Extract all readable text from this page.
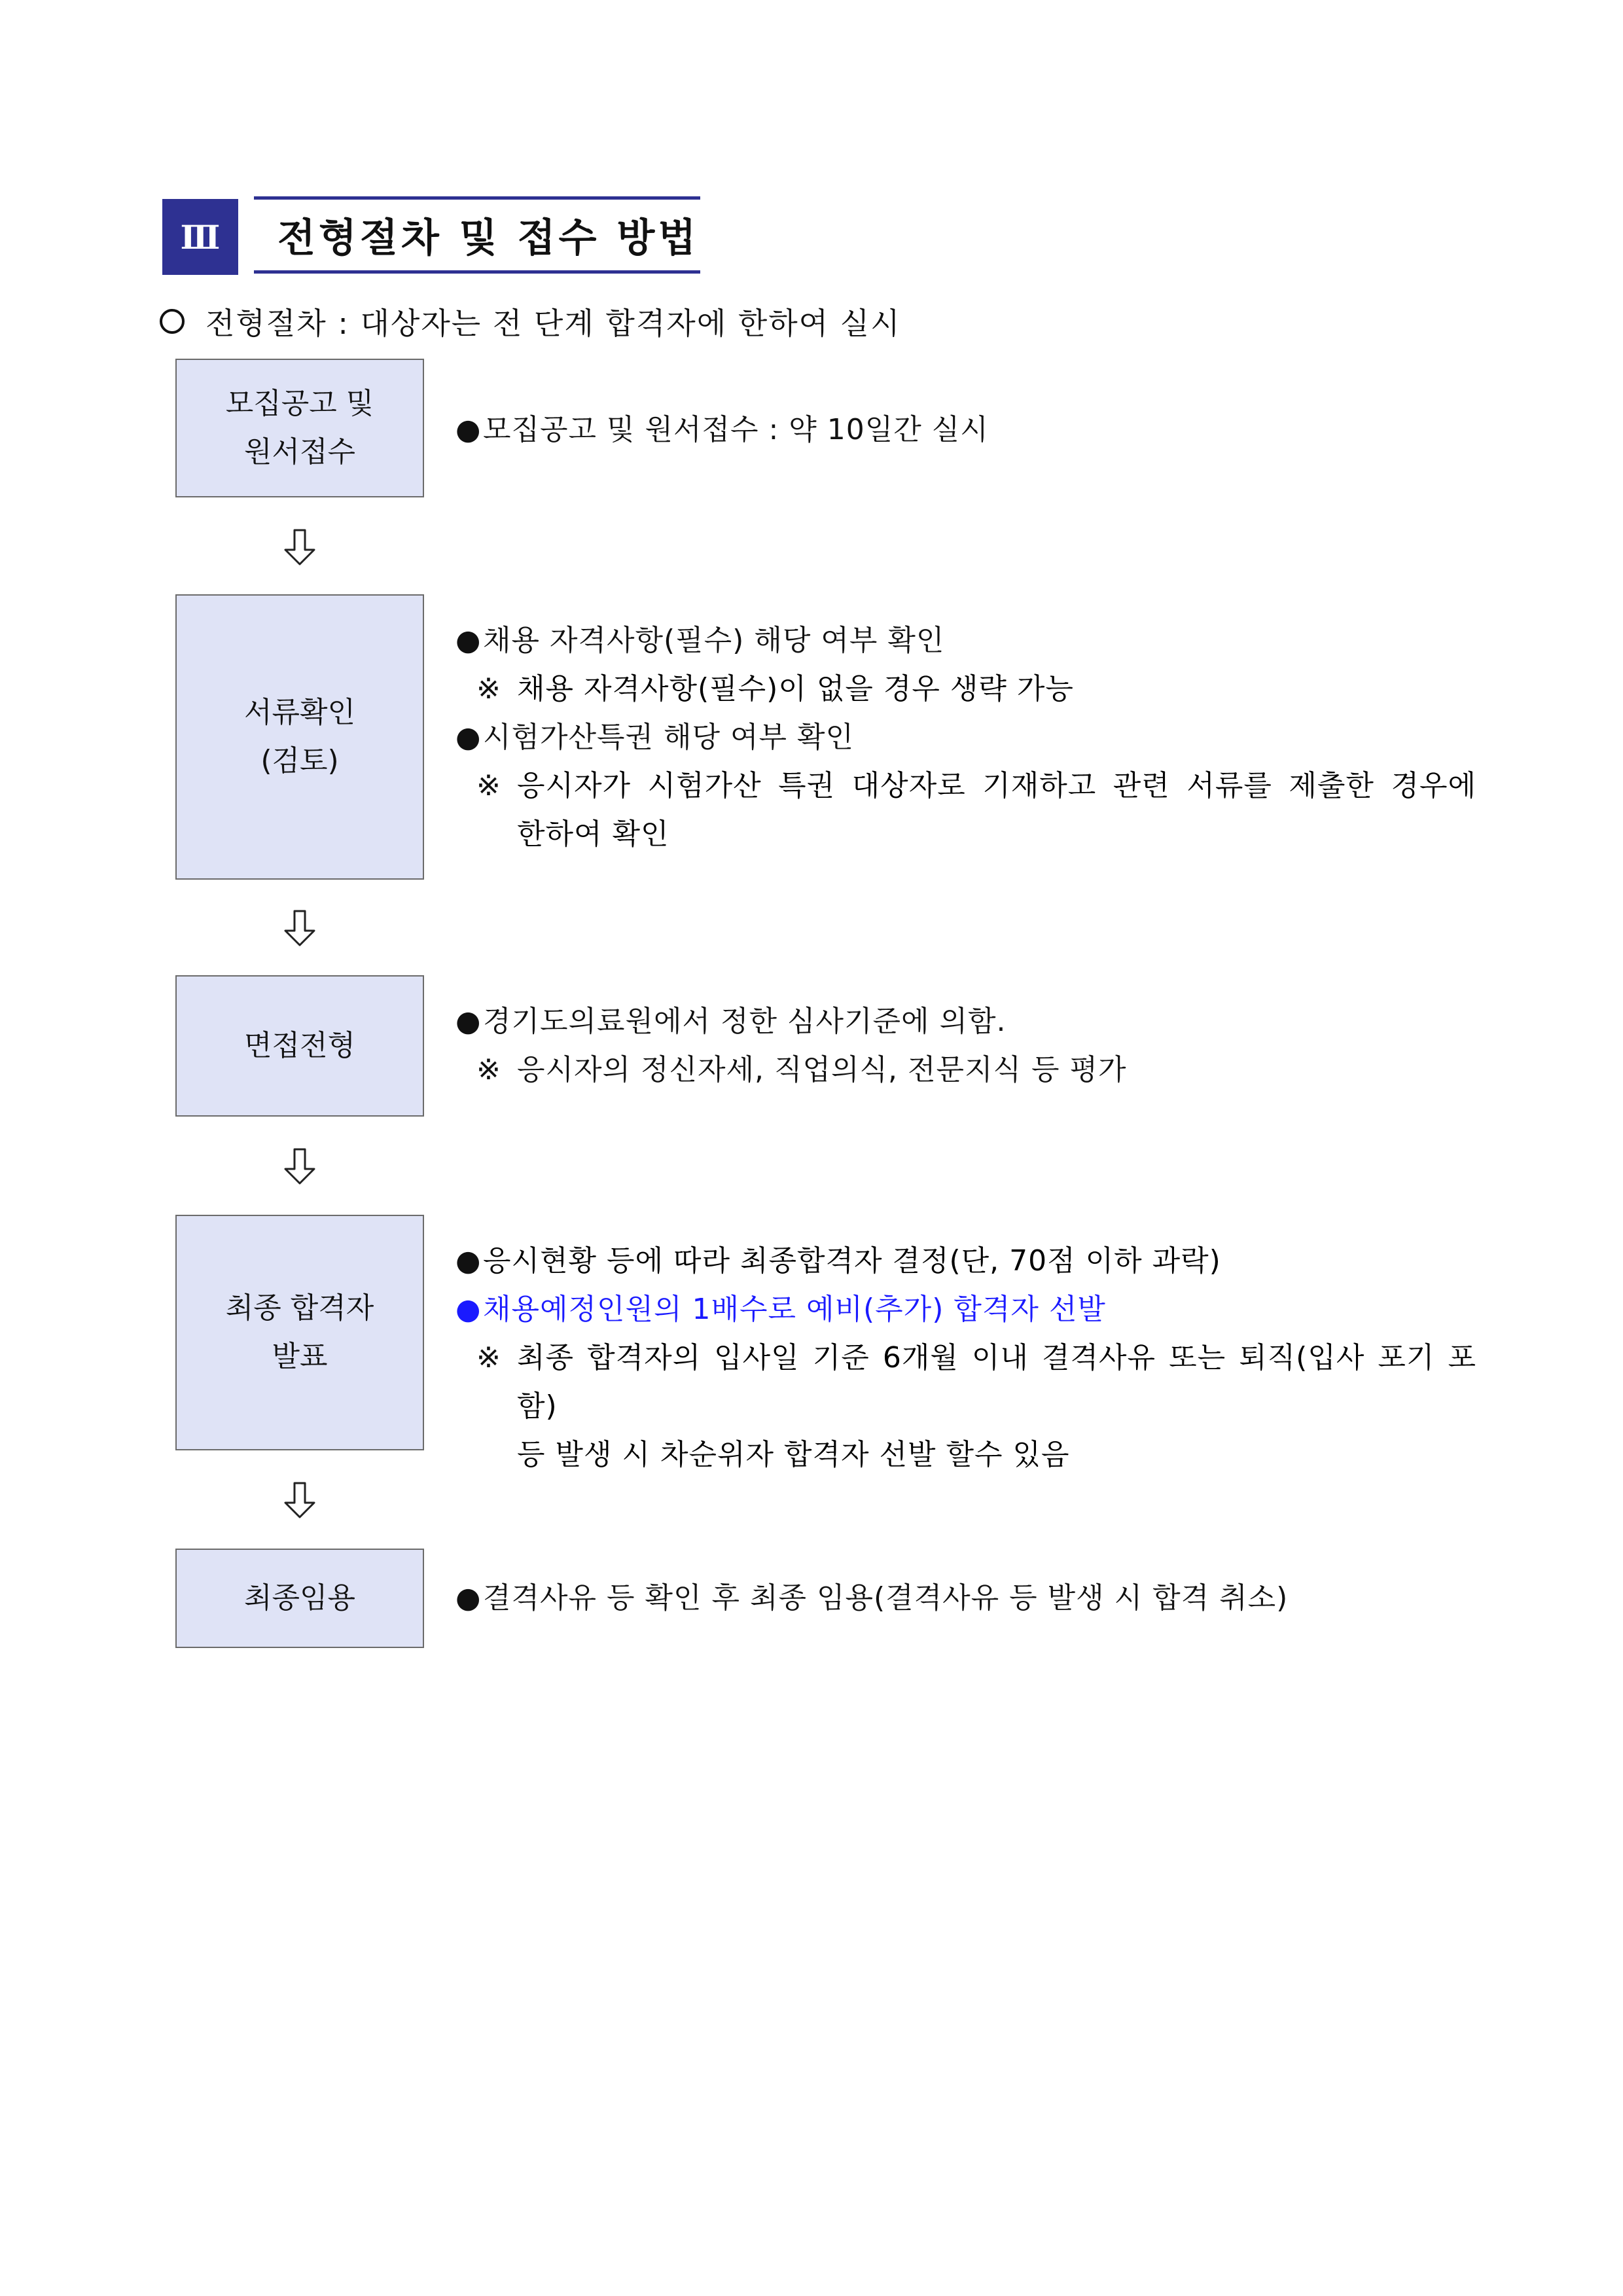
Ⅲ	전형절차 및 접수 방법
전형절차 : 대상자는 전 단계 합격자에 한하여 실시
모집공고 및
원서접수
● 모집공고 및 원서접수 : 약 10일간 실시
서류확인
(검토)
● 채용 자격사항(필수) 해당 여부 확인
※ 채용 자격사항(필수)이 없을 경우 생략 가능
● 시험가산특권 해당 여부 확인
※ 응시자가 시험가산 특권 대상자로 기재하고 관련 서류를 제출한 경우에
한하여 확인
면접전형
● 경기도의료원에서 정한 심사기준에 의함.
※ 응시자의 정신자세, 직업의식, 전문지식 등 평가
최종 합격자
발표
● 응시현황 등에 따라 최종합격자 결정(단, 70점 이하 과락)
● 채용예정인원의 1배수로 예비(추가) 합격자 선발
※ 최종 합격자의 입사일 기준 6개월 이내 결격사유 또는 퇴직(입사 포기 포함)
등 발생 시 차순위자 합격자 선발 할수 있음
최종임용	● 결격사유 등 확인 후 최종 임용(결격사유 등 발생 시 합격 취소)
